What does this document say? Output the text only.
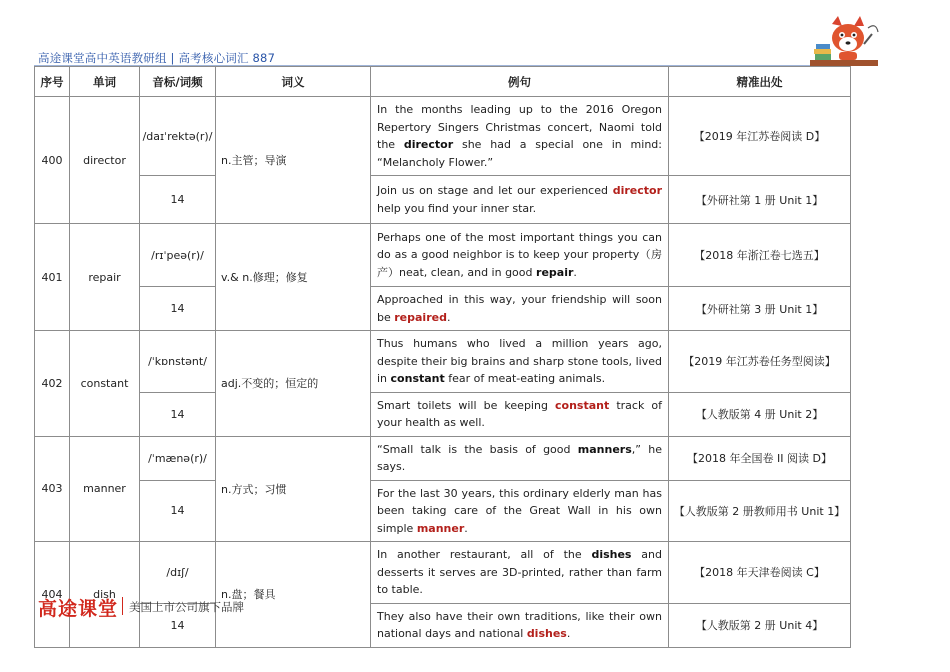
高途课堂高中英语教研组 | 高考核心词汇 887
序号	单词	音标/词频	词义	例句	精准出处
400	director	/daɪˈrektə(r)/	n.主管；导演	In the months leading up to the 2016 Oregon Repertory Singers Christmas concert, Naomi told the director she had a special one in mind: “Melancholy Flower.”	【2019 年江苏卷阅读 D】
		14		Join us on stage and let our experienced director help you find your inner star.	【外研社第 1 册 Unit 1】
401	repair	/rɪˈpeə(r)/	v.& n.修理；修复	Perhaps one of the most important things you can do as a good neighbor is to keep your property（房产）neat, clean, and in good repair.	【2018 年浙江卷七选五】
		14		Approached in this way, your friendship will soon be repaired.	【外研社第 3 册 Unit 1】
402	constant	/ˈkɒnstənt/	adj.不变的；恒定的	Thus humans who lived a million years ago, despite their big brains and sharp stone tools, lived in constant fear of meat-eating animals.	【2019 年江苏卷任务型阅读】
		14		Smart toilets will be keeping constant track of your health as well.	【人教版第 4 册 Unit 2】
403	manner	/ˈmænə(r)/	n.方式；习惯	“Small talk is the basis of good manners,” he says.	【2018 年全国卷 II 阅读 D】
		14		For the last 30 years, this ordinary elderly man has been taking care of the Great Wall in his own simple manner.	【人教版第 2 册教师用书 Unit 1】
404	dish	/dɪʃ/	n.盘；餐具	In another restaurant, all of the dishes and desserts it serves are 3D-printed, rather than farm to table.	【2018 年天津卷阅读 C】
		14		They also have their own traditions, like their own national days and national dishes.	【人教版第 2 册 Unit 4】
高途课堂 美国上市公司旗下品牌
